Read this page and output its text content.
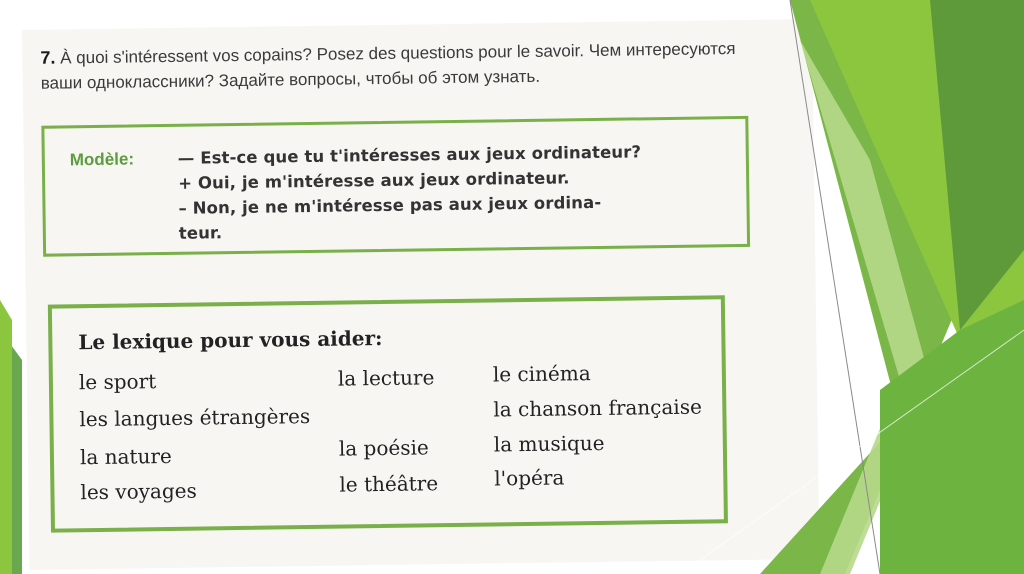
7. À quoi s'intéressent vos copains? Posez des questions pour le savoir. Чем интересуются ваши одноклассники? Задайте вопросы, чтобы об этом узнать.
Modèle:	— Est-ce que tu t'intéresses aux jeux ordinateur?
+ Oui, je m'intéresse aux jeux ordinateur.
– Non, je ne m'intéresse pas aux jeux ordina-
teur.
Le lexique pour vous aider:
le sport
les langues étrangères
la nature
les voyages
la lecture
la poésie
le théâtre
le cinéma
la chanson française
la musique
l'opéra
